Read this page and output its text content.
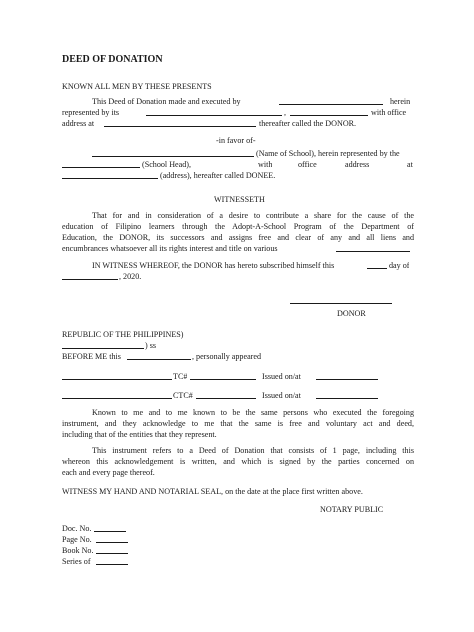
DEED OF DONATION
KNOWN ALL MEN BY THESE PRESENTS
This Deed of Donation made and executed by	herein
represented by its	,	with office
address at	thereafter called the DONOR.
-in favor of-
(Name of School), herein represented by the
(School Head),	with	office	address	at
(address), hereafter called DONEE.
WITNESSETH
That for and in consideration of a desire to contribute a share for the cause of the
education of Filipino learners through the Adopt-A-School Program of the Department of
Education, the DONOR, its successors and assigns free and clear of any and all liens and
encumbrances whatsoever all its rights interest and title on various
IN WITNESS WHEREOF, the DONOR has hereto subscribed himself this	day of
, 2020.
DONOR
REPUBLIC OF THE PHILIPPINES)
) ss
BEFORE ME this	, personally appeared
TC#	Issued on/at
CTC#	Issued on/at
Known to me and to me known to be the same persons who executed the foregoing
instrument, and they acknowledge to me that the same is free and voluntary act and deed,
including that of the entities that they represent.
This instrument refers to a Deed of Donation that consists of 1 page, including this
whereon this acknowledgement is written, and which is signed by the parties concerned on
each and every page thereof.
WITNESS MY HAND AND NOTARIAL SEAL, on the date at the place first written above.
NOTARY PUBLIC
Doc. No.
Page No.
Book No.
Series of
